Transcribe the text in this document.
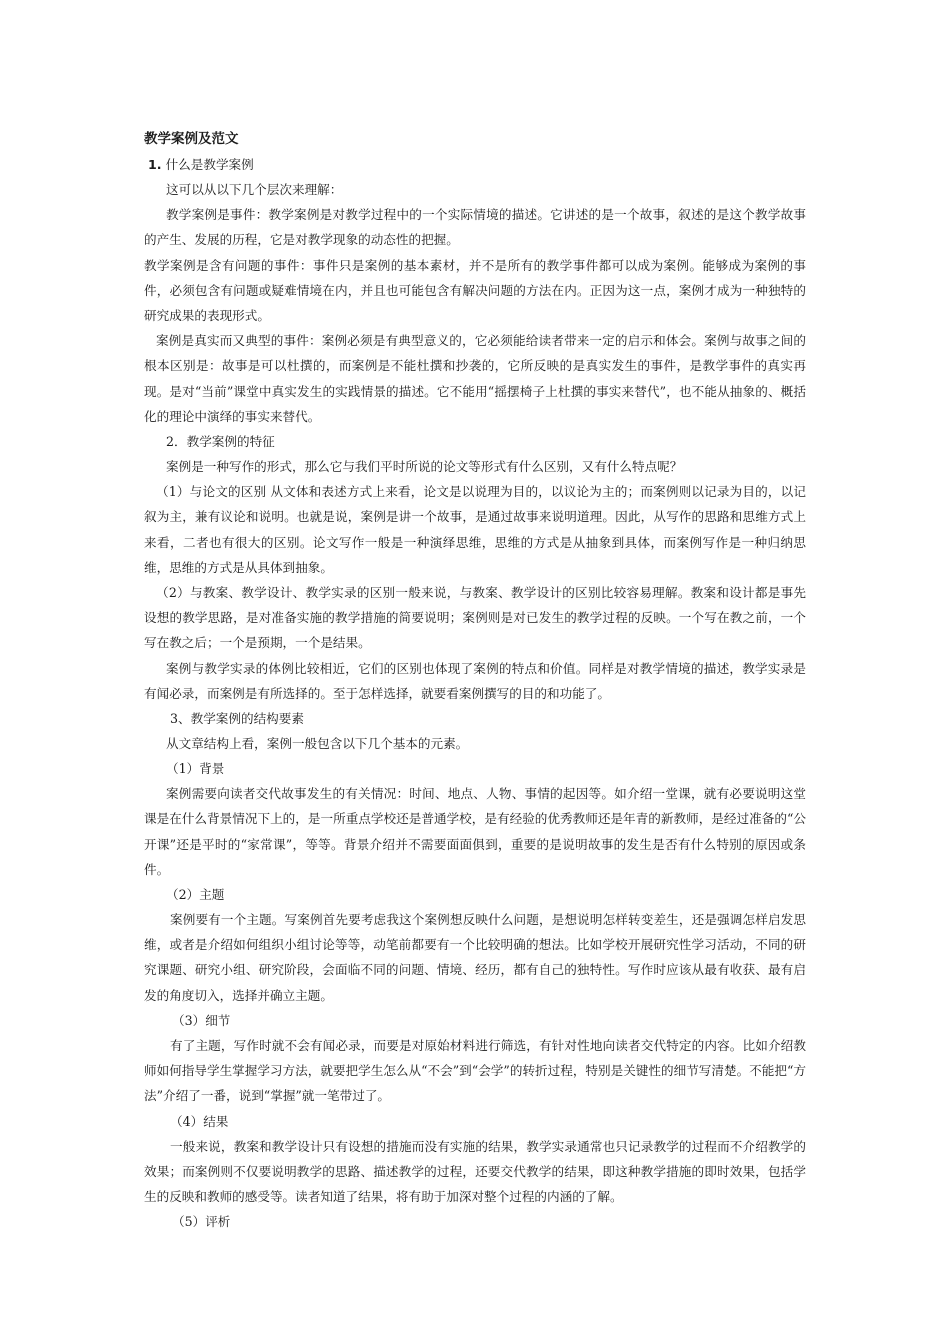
教学案例及范文
1. 什么是教学案例
这可以从以下几个层次来理解：
教学案例是事件：教学案例是对教学过程中的一个实际情境的描述。它讲述的是一个故事，叙述的是这个教学故事的产生、发展的历程，它是对教学现象的动态性的把握。
教学案例是含有问题的事件：事件只是案例的基本素材，并不是所有的教学事件都可以成为案例。能够成为案例的事件，必须包含有问题或疑难情境在内，并且也可能包含有解决问题的方法在内。正因为这一点，案例才成为一种独特的研究成果的表现形式。
案例是真实而又典型的事件：案例必须是有典型意义的，它必须能给读者带来一定的启示和体会。案例与故事之间的根本区别是：故事是可以杜撰的，而案例是不能杜撰和抄袭的，它所反映的是真实发生的事件，是教学事件的真实再现。是对“当前”课堂中真实发生的实践情景的描述。它不能用“摇摆椅子上杜撰的事实来替代”，也不能从抽象的、概括化的理论中演绎的事实来替代。
2．教学案例的特征
案例是一种写作的形式，那么它与我们平时所说的论文等形式有什么区别，又有什么特点呢？
（1）与论文的区别 从文体和表述方式上来看，论文是以说理为目的，以议论为主的；而案例则以记录为目的，以记叙为主，兼有议论和说明。也就是说，案例是讲一个故事，是通过故事来说明道理。因此，从写作的思路和思维方式上来看，二者也有很大的区别。论文写作一般是一种演绎思维，思维的方式是从抽象到具体，而案例写作是一种归纳思维，思维的方式是从具体到抽象。
（2）与教案、教学设计、教学实录的区别一般来说，与教案、教学设计的区别比较容易理解。教案和设计都是事先设想的教学思路，是对准备实施的教学措施的简要说明；案例则是对已发生的教学过程的反映。一个写在教之前，一个写在教之后；一个是预期，一个是结果。
案例与教学实录的体例比较相近，它们的区别也体现了案例的特点和价值。同样是对教学情境的描述，教学实录是有闻必录，而案例是有所选择的。至于怎样选择，就要看案例撰写的目的和功能了。
3、教学案例的结构要素
从文章结构上看，案例一般包含以下几个基本的元素。
（1）背景
案例需要向读者交代故事发生的有关情况：时间、地点、人物、事情的起因等。如介绍一堂课，就有必要说明这堂课是在什么背景情况下上的，是一所重点学校还是普通学校，是有经验的优秀教师还是年青的新教师，是经过准备的“公开课”还是平时的“家常课”，等等。背景介绍并不需要面面俱到，重要的是说明故事的发生是否有什么特别的原因或条件。
（2）主题
案例要有一个主题。写案例首先要考虑我这个案例想反映什么问题，是想说明怎样转变差生，还是强调怎样启发思维，或者是介绍如何组织小组讨论等等，动笔前都要有一个比较明确的想法。比如学校开展研究性学习活动，不同的研究课题、研究小组、研究阶段，会面临不同的问题、情境、经历，都有自己的独特性。写作时应该从最有收获、最有启发的角度切入，选择并确立主题。
（3）细节
有了主题，写作时就不会有闻必录，而要是对原始材料进行筛选，有针对性地向读者交代特定的内容。比如介绍教师如何指导学生掌握学习方法，就要把学生怎么从“不会”到“会学”的转折过程，特别是关键性的细节写清楚。不能把“方法”介绍了一番，说到“掌握”就一笔带过了。
（4）结果
一般来说，教案和教学设计只有设想的措施而没有实施的结果，教学实录通常也只记录教学的过程而不介绍教学的效果；而案例则不仅要说明教学的思路、描述教学的过程，还要交代教学的结果，即这种教学措施的即时效果，包括学生的反映和教师的感受等。读者知道了结果，将有助于加深对整个过程的内涵的了解。
（5）评析
